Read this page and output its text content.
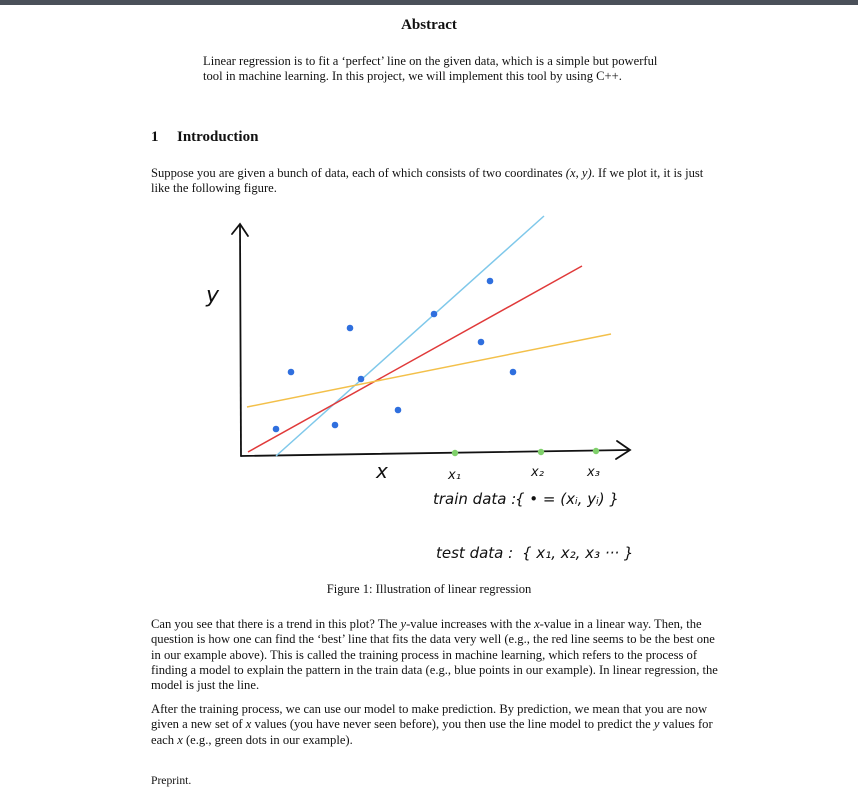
Abstract
Linear regression is to fit a ‘perfect’ line on the given data, which is a simple but powerful tool in machine learning. In this project, we will implement this tool by using C++.
1 Introduction
Suppose you are given a bunch of data, each of which consists of two coordinates (x, y). If we plot it, it is just like the following figure.
y
x	x₁	x₂	x₃
train data :
{ • = (xᵢ, yᵢ) }
test data : { x₁, x₂, x₃ ··· }
Figure 1: Illustration of linear regression
Can you see that there is a trend in this plot? The y-value increases with the x-value in a linear way. Then, the question is how one can find the ‘best’ line that fits the data very well (e.g., the red line seems to be the best one in our example above). This is called the training process in machine learning, which refers to the process of finding a model to explain the pattern in the train data (e.g., blue points in our example). In linear regression, the model is just the line.
After the training process, we can use our model to make prediction. By prediction, we mean that you are now given a new set of x values (you have never seen before), you then use the line model to predict the y values for each x (e.g., green dots in our example).
Preprint.
